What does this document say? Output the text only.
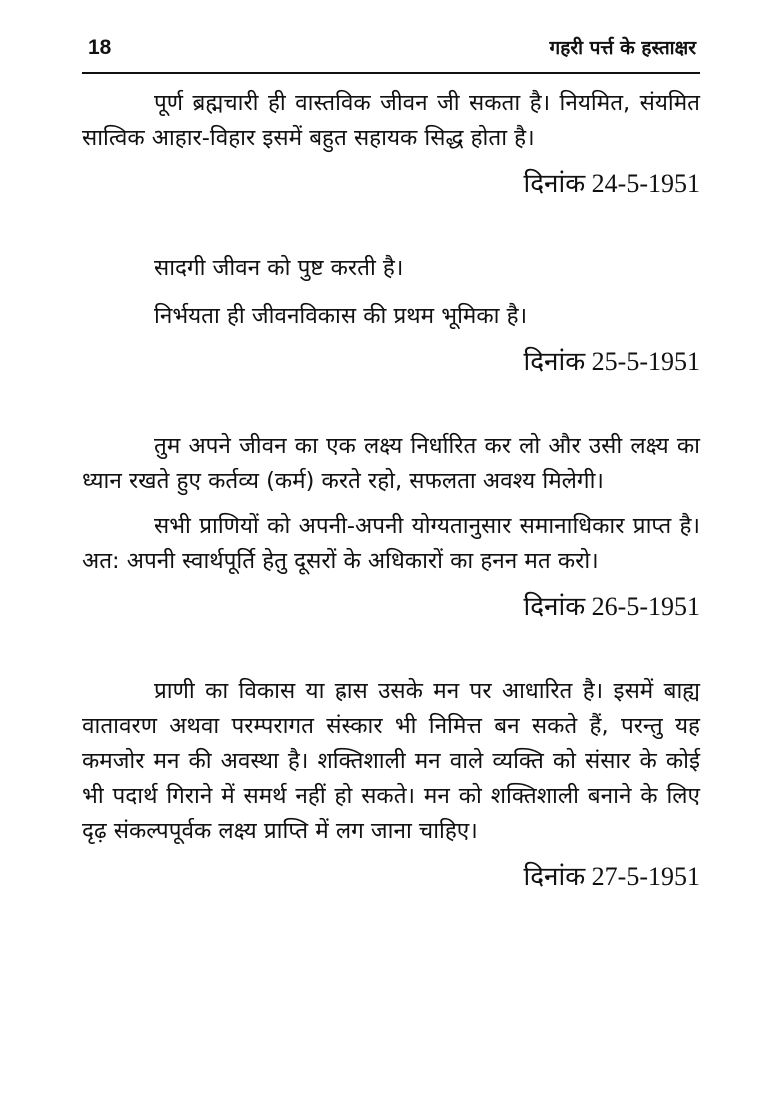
18	गहरी पर्त्त के हस्ताक्षर

पूर्ण ब्रह्मचारी ही वास्तविक जीवन जी सकता है। नियमित, संयमित सात्विक आहार-विहार इसमें बहुत सहायक सिद्ध होता है।

दिनांक 24-5-1951

सादगी जीवन को पुष्ट करती है।

निर्भयता ही जीवनविकास की प्रथम भूमिका है।

दिनांक 25-5-1951

तुम अपने जीवन का एक लक्ष्य निर्धारित कर लो और उसी लक्ष्य का ध्यान रखते हुए कर्तव्य (कर्म) करते रहो, सफलता अवश्य मिलेगी।

सभी प्राणियों को अपनी-अपनी योग्यतानुसार समानाधिकार प्राप्त है। अत: अपनी स्वार्थपूर्ति हेतु दूसरों के अधिकारों का हनन मत करो।

दिनांक 26-5-1951

प्राणी का विकास या ह्रास उसके मन पर आधारित है। इसमें बाह्य वातावरण अथवा परम्परागत संस्कार भी निमित्त बन सकते हैं, परन्तु यह कमजोर मन की अवस्था है। शक्तिशाली मन वाले व्यक्ति को संसार के कोई भी पदार्थ गिराने में समर्थ नहीं हो सकते। मन को शक्तिशाली बनाने के लिए दृढ़ संकल्पपूर्वक लक्ष्य प्राप्ति में लग जाना चाहिए।

दिनांक 27-5-1951
